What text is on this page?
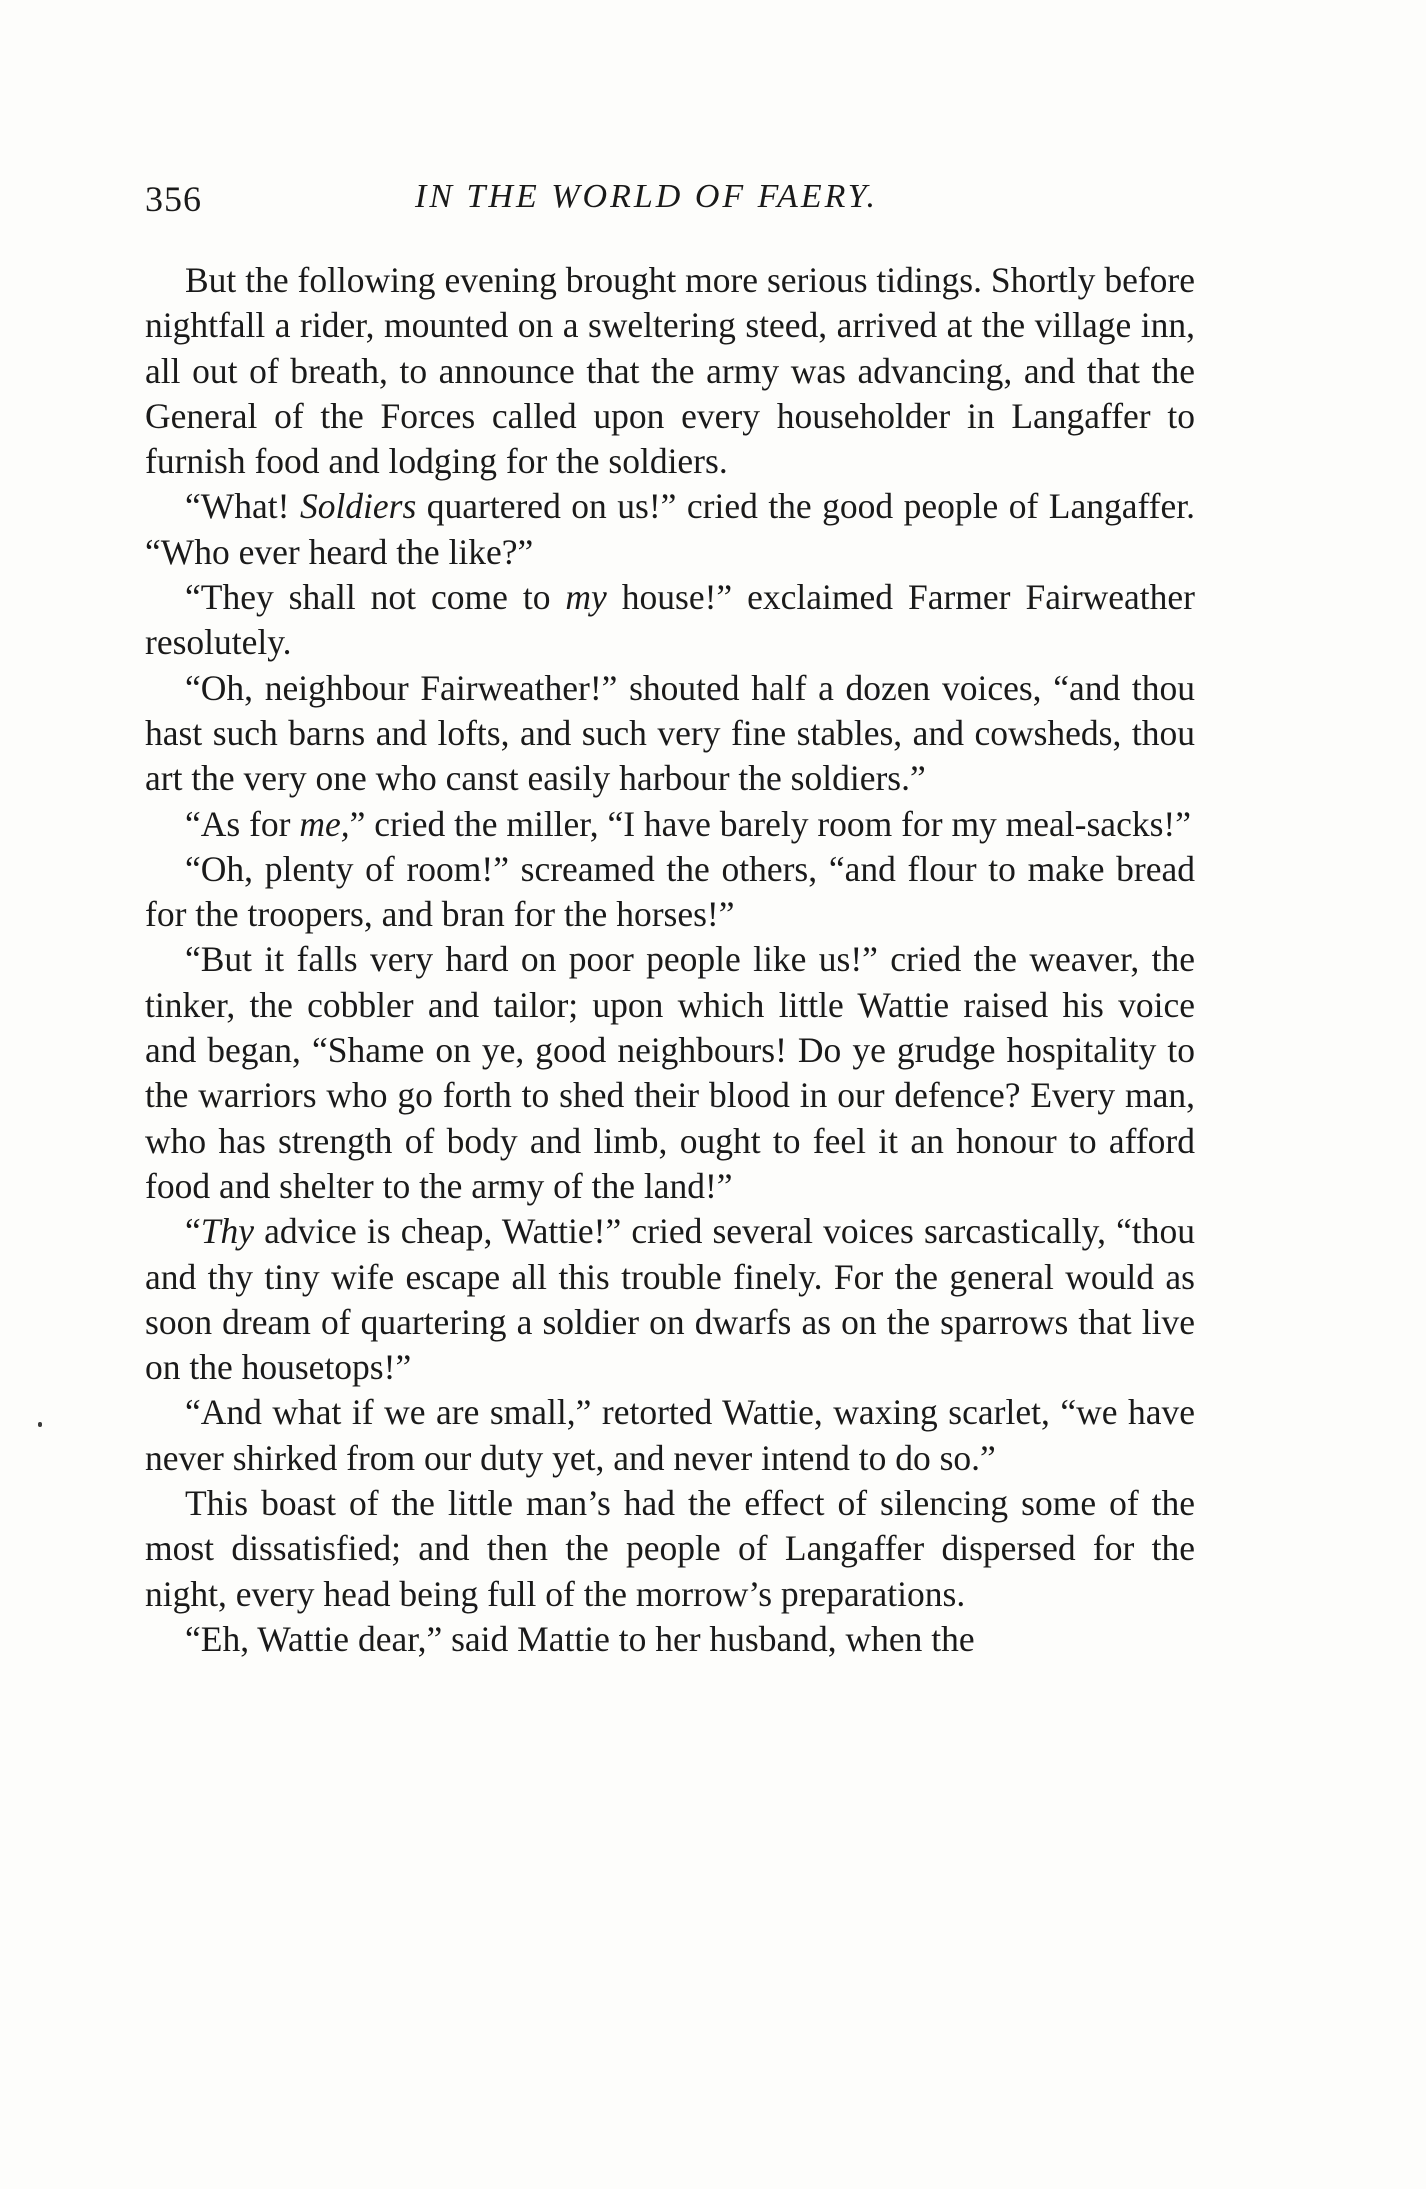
356	IN THE WORLD OF FAERY.

But the following evening brought more serious tidings. Shortly before nightfall a rider, mounted on a sweltering steed, arrived at the village inn, all out of breath, to announce that the army was advancing, and that the General of the Forces called upon every householder in Langaffer to furnish food and lodging for the soldiers.

“What! Soldiers quartered on us!” cried the good people of Langaffer. “Who ever heard the like?”

“They shall not come to my house!” exclaimed Farmer Fairweather resolutely.

“Oh, neighbour Fairweather!” shouted half a dozen voices, “and thou hast such barns and lofts, and such very fine stables, and cowsheds, thou art the very one who canst easily harbour the soldiers.”

“As for me,” cried the miller, “I have barely room for my meal-sacks!”

“Oh, plenty of room!” screamed the others, “and flour to make bread for the troopers, and bran for the horses!”

“But it falls very hard on poor people like us!” cried the weaver, the tinker, the cobbler and tailor; upon which little Wattie raised his voice and began, “Shame on ye, good neighbours! Do ye grudge hospitality to the warriors who go forth to shed their blood in our defence? Every man, who has strength of body and limb, ought to feel it an honour to afford food and shelter to the army of the land!”

“Thy advice is cheap, Wattie!” cried several voices sarcastically, “thou and thy tiny wife escape all this trouble finely. For the general would as soon dream of quartering a soldier on dwarfs as on the sparrows that live on the housetops!”

“And what if we are small,” retorted Wattie, waxing scarlet, “we have never shirked from our duty yet, and never intend to do so.”

This boast of the little man’s had the effect of silencing some of the most dissatisfied; and then the people of Langaffer dispersed for the night, every head being full of the morrow’s preparations.

“Eh, Wattie dear,” said Mattie to her husband, when the
